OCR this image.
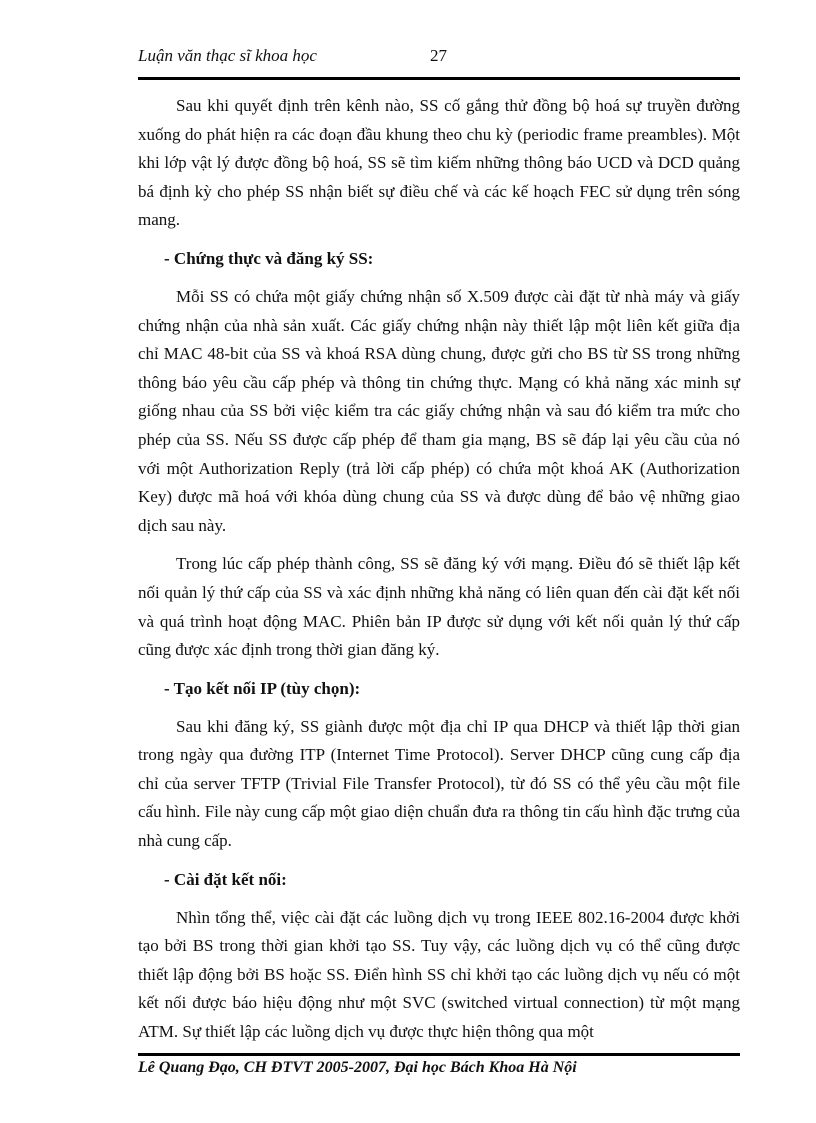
Luận văn thạc sĩ khoa học	27

Sau khi quyết định trên kênh nào, SS cố gắng thử đồng bộ hoá sự truyền đường xuống do phát hiện ra các đoạn đầu khung theo chu kỳ (periodic frame preambles). Một khi lớp vật lý được đồng bộ hoá, SS sẽ tìm kiếm những thông báo UCD và DCD quảng bá định kỳ cho phép SS nhận biết sự điều chế và các kế hoạch FEC sử dụng trên sóng mang.

- Chứng thực và đăng ký SS:

Mỗi SS có chứa một giấy chứng nhận số X.509 được cài đặt từ nhà máy và giấy chứng nhận của nhà sản xuất. Các giấy chứng nhận này thiết lập một liên kết giữa địa chỉ MAC 48-bit của SS và khoá RSA dùng chung, được gửi cho BS từ SS trong những thông báo yêu cầu cấp phép và thông tin chứng thực. Mạng có khả năng xác minh sự giống nhau của SS bởi việc kiểm tra các giấy chứng nhận và sau đó kiểm tra mức cho phép của SS. Nếu SS được cấp phép để tham gia mạng, BS sẽ đáp lại yêu cầu của nó với một Authorization Reply (trả lời cấp phép) có chứa một khoá AK (Authorization Key) được mã hoá với khóa dùng chung của SS và được dùng để bảo vệ những giao dịch sau này.

Trong lúc cấp phép thành công, SS sẽ đăng ký với mạng. Điều đó sẽ thiết lập kết nối quản lý thứ cấp của SS và xác định những khả năng có liên quan đến cài đặt kết nối và quá trình hoạt động MAC. Phiên bản IP được sử dụng với kết nối quản lý thứ cấp cũng được xác định trong thời gian đăng ký.

- Tạo kết nối IP (tùy chọn):

Sau khi đăng ký, SS giành được một địa chỉ IP qua DHCP và thiết lập thời gian trong ngày qua đường ITP (Internet Time Protocol). Server DHCP cũng cung cấp địa chỉ của server TFTP (Trivial File Transfer Protocol), từ đó SS có thể yêu cầu một file cấu hình. File này cung cấp một giao diện chuẩn đưa ra thông tin cấu hình đặc trưng của nhà cung cấp.

- Cài đặt kết nối:

Nhìn tổng thể, việc cài đặt các luồng dịch vụ trong IEEE 802.16-2004 được khởi tạo bởi BS trong thời gian khởi tạo SS. Tuy vậy, các luồng dịch vụ có thể cũng được thiết lập động bởi BS hoặc SS. Điển hình SS chỉ khởi tạo các luồng dịch vụ nếu có một kết nối được báo hiệu động như một SVC (switched virtual connection) từ một mạng ATM. Sự thiết lập các luồng dịch vụ được thực hiện thông qua một

Lê Quang Đạo, CH ĐTVT 2005-2007, Đại học Bách Khoa Hà Nội
